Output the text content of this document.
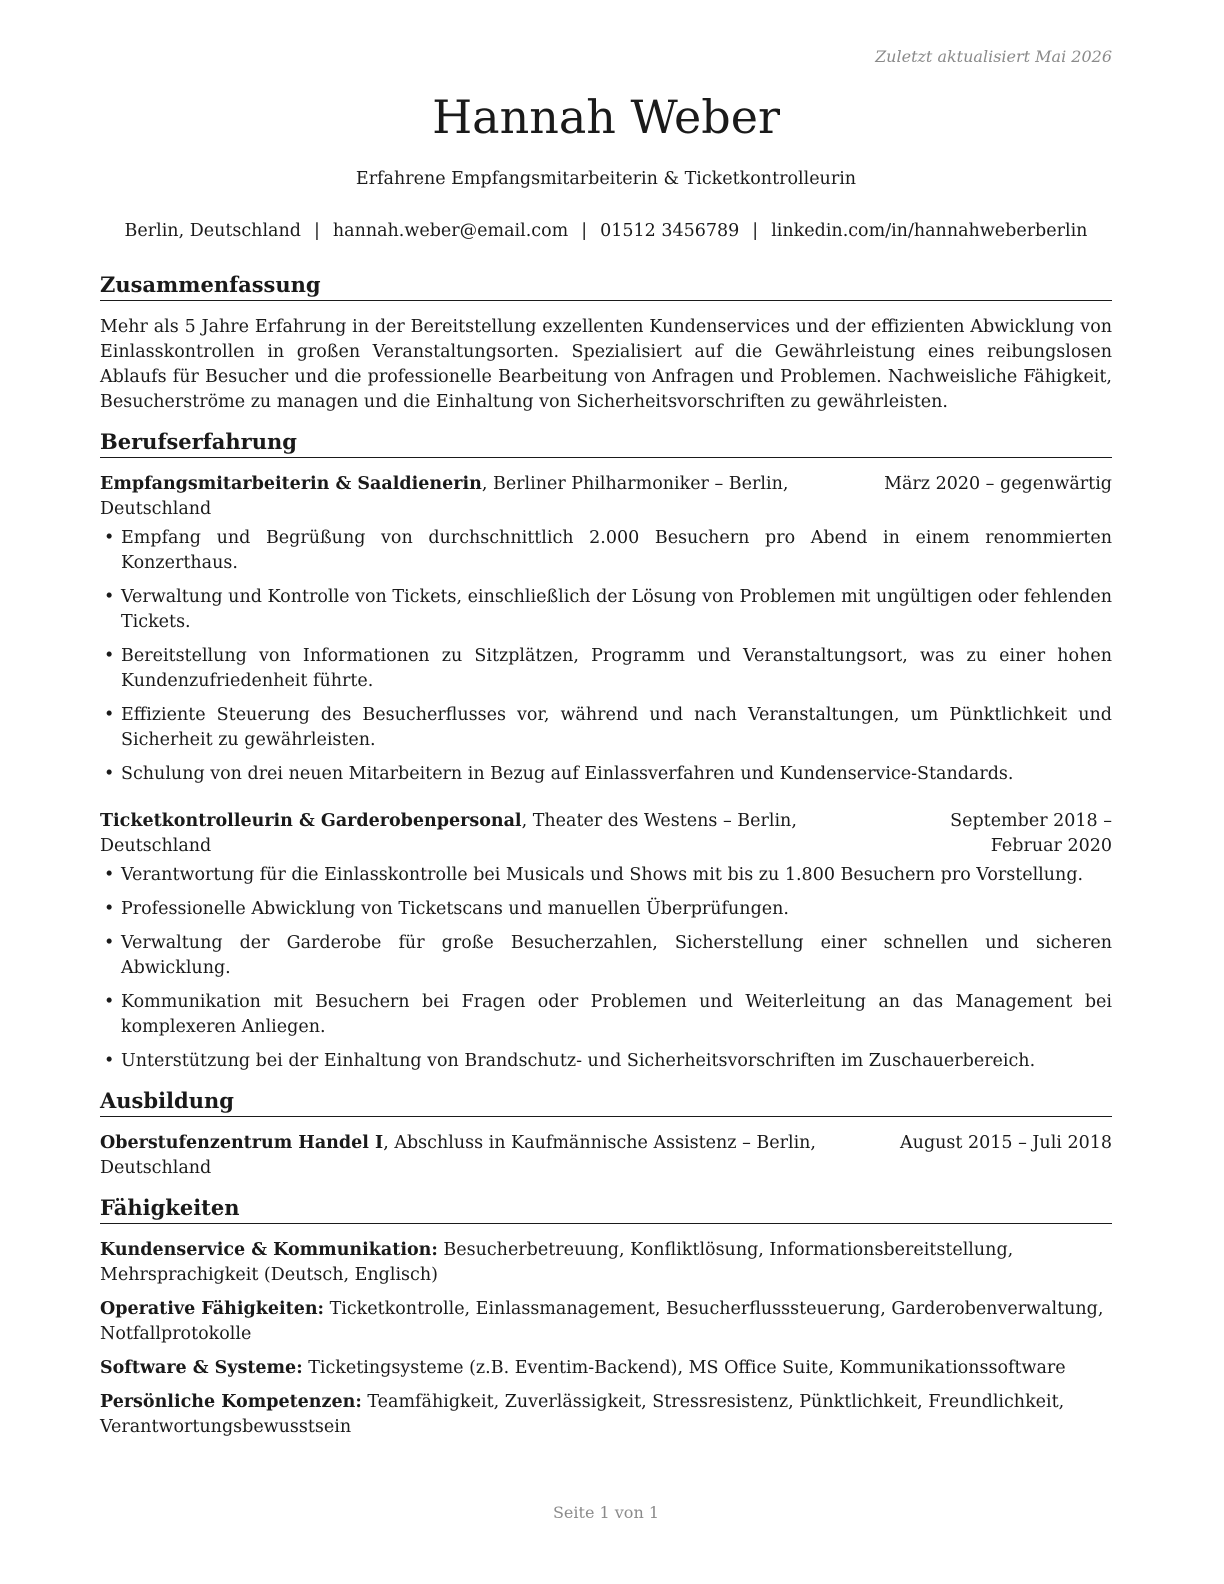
Zuletzt aktualisiert Mai 2026
Hannah Weber
Erfahrene Empfangsmitarbeiterin & Ticketkontrolleurin
Berlin, Deutschland | hannah.weber@email.com | 01512 3456789 | linkedin.com/in/hannahweberberlin
Zusammenfassung

Mehr als 5 Jahre Erfahrung in der Bereitstellung exzellenten Kundenservices und der effizienten Abwicklung von Einlasskontrollen in großen Veranstaltungsorten. Spezialisiert auf die Gewährleistung eines reibungslosen Ablaufs für Besucher und die professionelle Bearbeitung von Anfragen und Problemen. Nachweisliche Fähigkeit, Besucherströme zu managen und die Einhaltung von Sicherheitsvorschriften zu gewährleisten.

Berufserfahrung
Empfangsmitarbeiterin & Saaldienerin, Berliner Philharmoniker – Berlin, Deutschland
März 2020 – gegenwärtig
• Empfang und Begrüßung von durchschnittlich 2.000 Besuchern pro Abend in einem renommierten Konzerthaus.
• Verwaltung und Kontrolle von Tickets, einschließlich der Lösung von Problemen mit ungültigen oder fehlenden Tickets.
• Bereitstellung von Informationen zu Sitzplätzen, Programm und Veranstaltungsort, was zu einer hohen Kundenzufriedenheit führte.
• Effiziente Steuerung des Besucherflusses vor, während und nach Veranstaltungen, um Pünktlichkeit und Sicherheit zu gewährleisten.
• Schulung von drei neuen Mitarbeitern in Bezug auf Einlassverfahren und Kundenservice-Standards.
Ticketkontrolleurin & Garderobenpersonal, Theater des Westens – Berlin, Deutschland
September 2018 – Februar 2020
• Verantwortung für die Einlasskontrolle bei Musicals und Shows mit bis zu 1.800 Besuchern pro Vorstellung.
• Professionelle Abwicklung von Ticketscans und manuellen Überprüfungen.
• Verwaltung der Garderobe für große Besucherzahlen, Sicherstellung einer schnellen und sicheren Abwicklung.
• Kommunikation mit Besuchern bei Fragen oder Problemen und Weiterleitung an das Management bei komplexeren Anliegen.
• Unterstützung bei der Einhaltung von Brandschutz- und Sicherheitsvorschriften im Zuschauerbereich.
Ausbildung
Oberstufenzentrum Handel I, Abschluss in Kaufmännische Assistenz – Berlin, Deutschland
August 2015 – Juli 2018
Fähigkeiten
Kundenservice & Kommunikation: Besucherbetreuung, Konfliktlösung, Informationsbereitstellung, Mehrsprachigkeit (Deutsch, Englisch)
Operative Fähigkeiten: Ticketkontrolle, Einlassmanagement, Besucherflusssteuerung, Garderobenverwaltung, Notfallprotokolle
Software & Systeme: Ticketingsysteme (z.B. Eventim-Backend), MS Office Suite, Kommunikationssoftware
Persönliche Kompetenzen: Teamfähigkeit, Zuverlässigkeit, Stressresistenz, Pünktlichkeit, Freundlichkeit, Verantwortungsbewusstsein
Seite 1 von 1
